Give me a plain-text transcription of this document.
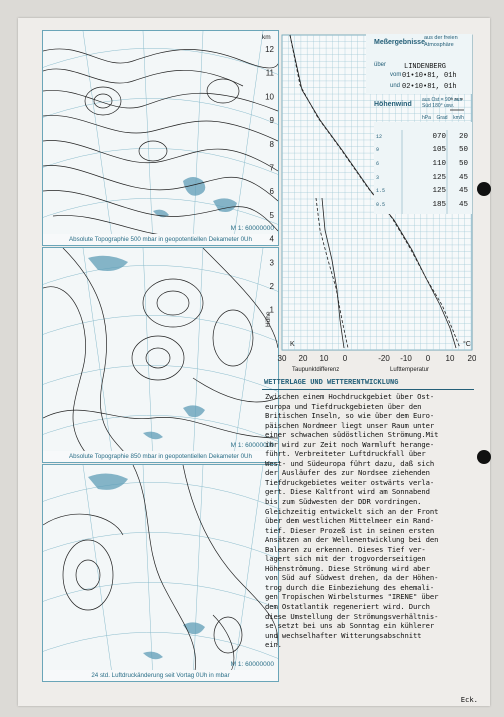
M 1: 60000000
Absolute Topographie 500 mbar in geopotentiellen Dekameter 0Uh
M 1: 60000000
Absolute Topographie 850 mbar in geopotentiellen Dekameter 0Uh
M 1: 60000000
24 std. Luftdruckänderung seit Vortag 0Uh in mbar
12
11
10
9
8
7
6
5
4
3
2
1
30 20 10 0	-20 -10 0 10 20
km
Höhe
Meßergebnisse
aus der freien Atmosphäre
über	LINDENBERG
vom 01•10•81, 01h
und 02•10•81, 01h
Höhenwind
aus Ost = 90° aus Süd 180° usw.
hPa    Grad    km/h
12	070	20
9	105	50
6	110	50
3	125	45
1.5	125	45
0.5	185	45
K	°C
Taupunktdifferenz	Lufttemperatur
WETTERLAGE UND WETTERENTWICKLUNG
Zwischen einem Hochdruckgebiet über Ost-
europa und Tiefdruckgebieten über den
Britischen Inseln, so wie über dem Euro-
päischen Nordmeer liegt unser Raum unter
einer schwachen südöstlichen Strömung.Mit
ihr wird zur Zeit noch Warmluft herange-
führt. Verbreiteter Luftdruckfall über
West- und Südeuropa führt dazu, daß sich
der Ausläufer des zur Nordsee ziehenden
Tiefdruckgebietes weiter ostwärts verla-
gert. Diese Kaltfront wird am Sonnabend
bis zum Südwesten der DDR vordringen.
Gleichzeitig entwickelt sich an der Front
über dem westlichen Mittelmeer ein Rand-
tief. Dieser Prozeß ist in seinen ersten
Ansätzen an der Wellenentwicklung bei den
Balearen zu erkennen. Dieses Tief ver-
lagert sich mit der trogvorderseitigen
Höhenströmung. Diese Strömung wird aber
von Süd auf Südwest drehen, da der Höhen-
trog durch die Einbeziehung des ehemali-
gen Tropischen Wirbelsturmes "IRENE" über
dem Ostatlantik regeneriert wird. Durch
diese Umstellung der Strömungsverhältnis-
se setzt bei uns ab Sonntag ein kühlerer
und wechselhafter Witterungsabschnitt
ein.
Eck.
